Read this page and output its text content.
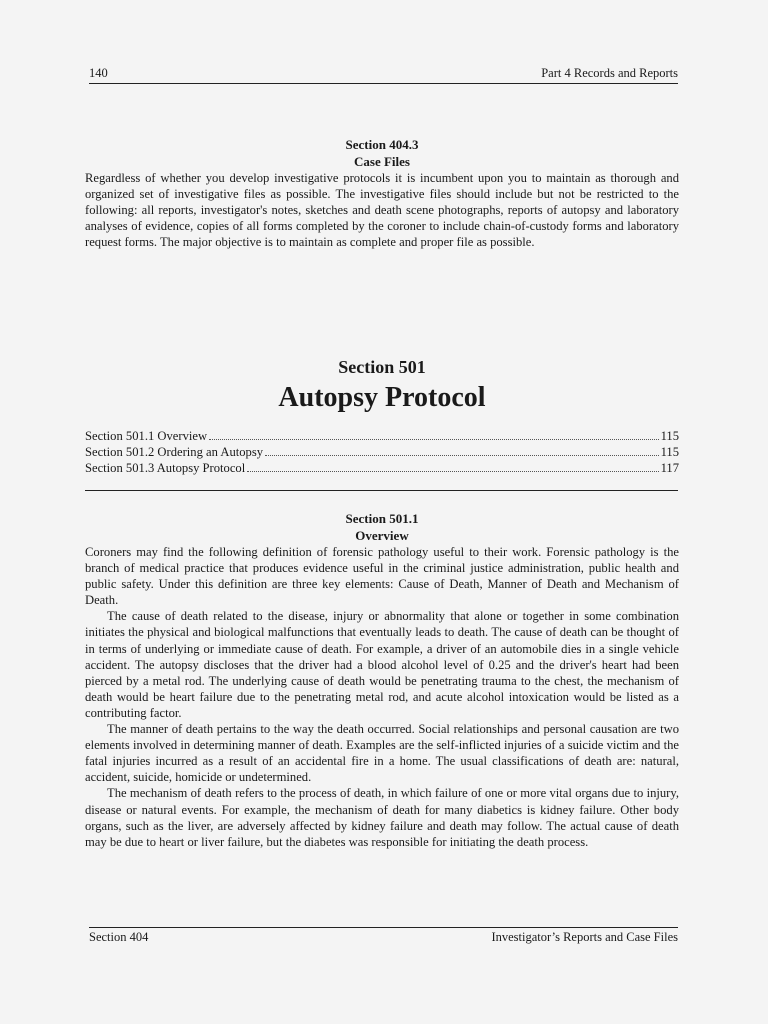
140	Part 4 Records and Reports
Section 404.3
Case Files

Regardless of whether you develop investigative protocols it is incumbent upon you to maintain as thorough and organized set of investigative files as possible. The investigative files should include but not be restricted to the following: all reports, investigator's notes, sketches and death scene photographs, reports of autopsy and laboratory analyses of evidence, copies of all forms completed by the coroner to include chain-of-custody forms and laboratory request forms. The major objective is to maintain as complete and proper file as possible.

Section 501
Autopsy Protocol
Section 501.1 Overview	115
Section 501.2 Ordering an Autopsy	115
Section 501.3 Autopsy Protocol	117
Section 501.1
Overview

Coroners may find the following definition of forensic pathology useful to their work. Forensic pathology is the branch of medical practice that produces evidence useful in the criminal justice administration, public health and public safety. Under this definition are three key elements: Cause of Death, Manner of Death and Mechanism of Death.

The cause of death related to the disease, injury or abnormality that alone or together in some combination initiates the physical and biological malfunctions that eventually leads to death. The cause of death can be thought of in terms of underlying or immediate cause of death. For example, a driver of an automobile dies in a single vehicle accident. The autopsy discloses that the driver had a blood alcohol level of 0.25 and the driver's heart had been pierced by a metal rod. The underlying cause of death would be penetrating trauma to the chest, the mechanism of death would be heart failure due to the penetrating metal rod, and acute alcohol intoxication would be listed as a contributing factor.

The manner of death pertains to the way the death occurred. Social relationships and personal causation are two elements involved in determining manner of death. Examples are the self-inflicted injuries of a suicide victim and the fatal injuries incurred as a result of an accidental fire in a home. The usual classifications of death are: natural, accident, suicide, homicide or undetermined.

The mechanism of death refers to the process of death, in which failure of one or more vital organs due to injury, disease or natural events. For example, the mechanism of death for many diabetics is kidney failure. Other body organs, such as the liver, are adversely affected by kidney failure and death may follow. The actual cause of death may be due to heart or liver failure, but the diabetes was responsible for initiating the death process.

Section 404	Investigator’s Reports and Case Files
